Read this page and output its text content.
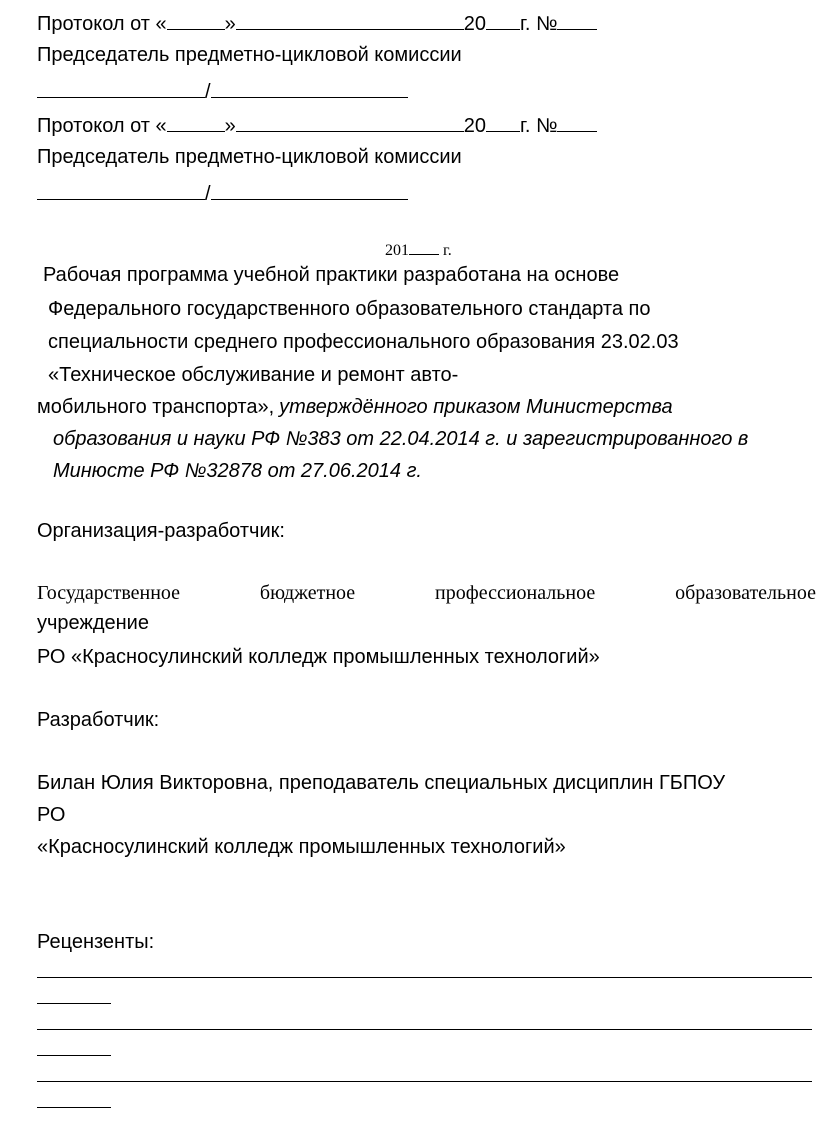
Протокол от «	»	20 г. №
Председатель предметно-цикловой комиссии
/
Протокол от «	»	20 г. №
Председатель предметно-цикловой комиссии
/
201 г.
Рабочая программа учебной практики разработана на основе
Федерального государственного образовательного стандарта по
специальности среднего профессионального образования 23.02.03
«Техническое обслуживание и ремонт авто-
мобильного транспорта», утверждённого приказом Министерства
образования и науки РФ №383 от 22.04.2014 г. и зарегистрированного в
Минюсте РФ №32878 от 27.06.2014 г.
Организация-разработчик:
Государственное	бюджетное	профессиональное	образовательное
учреждение
РО «Красносулинский колледж промышленных технологий»
Разработчик:
Билан Юлия Викторовна, преподаватель специальных дисциплин ГБПОУ
РО
«Красносулинский колледж промышленных технологий»
Рецензенты:
